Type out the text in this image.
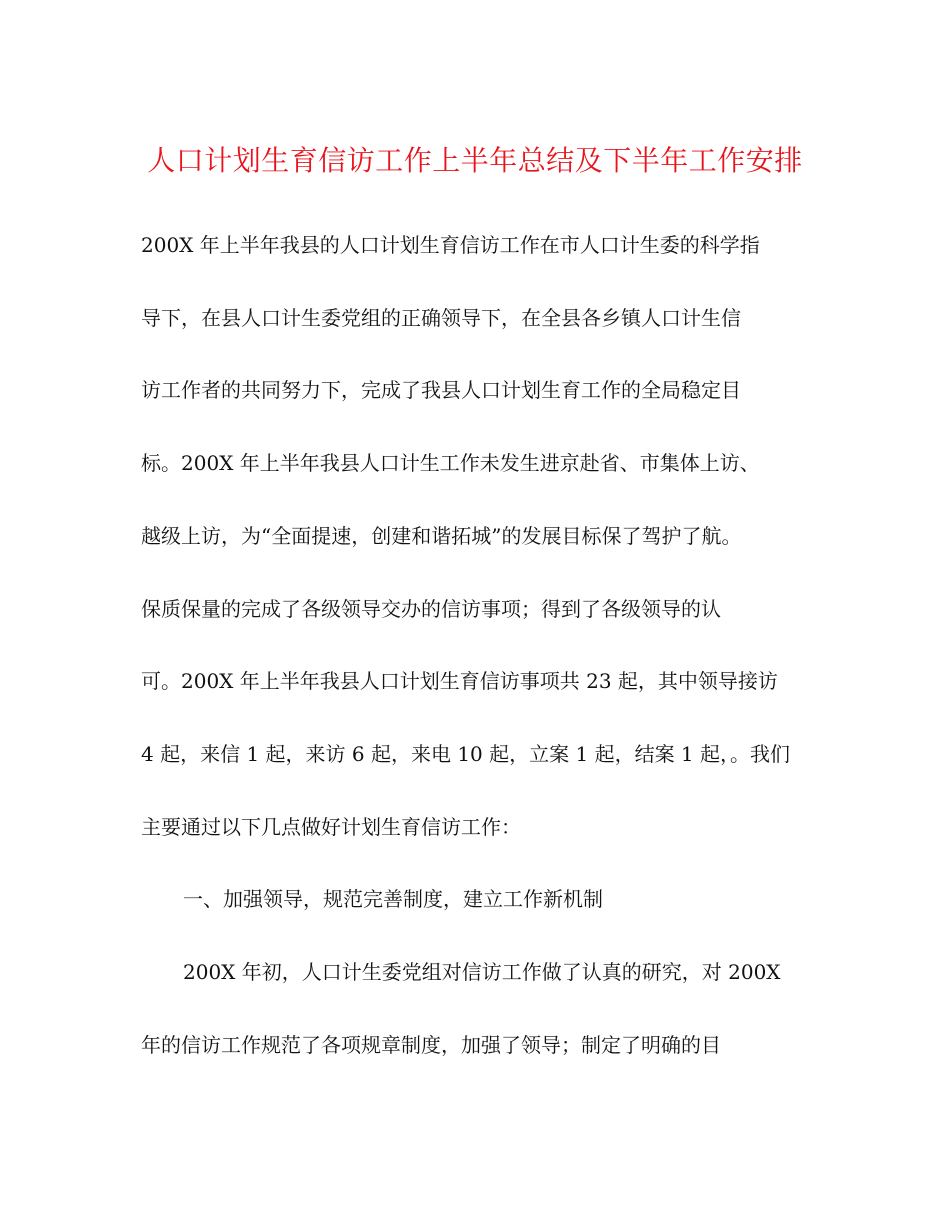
人口计划生育信访工作上半年总结及下半年工作安排
200X 年上半年我县的人口计划生育信访工作在市人口计生委的科学指
导下，在县人口计生委党组的正确领导下，在全县各乡镇人口计生信
访工作者的共同努力下，完成了我县人口计划生育工作的全局稳定目
标。200X 年上半年我县人口计生工作未发生进京赴省、市集体上访、
越级上访，为“全面提速，创建和谐拓城”的发展目标保了驾护了航。
保质保量的完成了各级领导交办的信访事项；得到了各级领导的认
可。200X 年上半年我县人口计划生育信访事项共 23 起，其中领导接访
4 起，来信 1 起，来访 6 起，来电 10 起，立案 1 起，结案 1 起，。我们
主要通过以下几点做好计划生育信访工作：
一、加强领导，规范完善制度，建立工作新机制
200X 年初，人口计生委党组对信访工作做了认真的研究，对 200X
年的信访工作规范了各项规章制度，加强了领导；制定了明确的目
